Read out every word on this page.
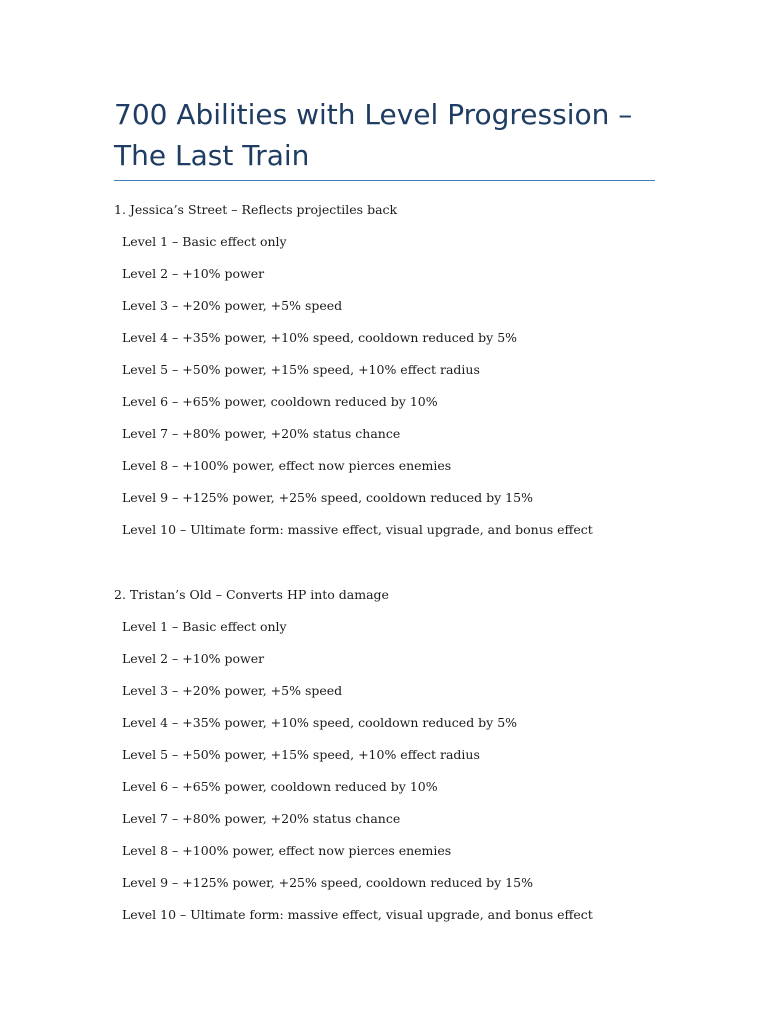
700 Abilities with Level Progression – The Last Train
1. Jessica’s Street – Reflects projectiles back
Level 1 – Basic effect only
Level 2 – +10% power
Level 3 – +20% power, +5% speed
Level 4 – +35% power, +10% speed, cooldown reduced by 5%
Level 5 – +50% power, +15% speed, +10% effect radius
Level 6 – +65% power, cooldown reduced by 10%
Level 7 – +80% power, +20% status chance
Level 8 – +100% power, effect now pierces enemies
Level 9 – +125% power, +25% speed, cooldown reduced by 15%
Level 10 – Ultimate form: massive effect, visual upgrade, and bonus effect
2. Tristan’s Old – Converts HP into damage
Level 1 – Basic effect only
Level 2 – +10% power
Level 3 – +20% power, +5% speed
Level 4 – +35% power, +10% speed, cooldown reduced by 5%
Level 5 – +50% power, +15% speed, +10% effect radius
Level 6 – +65% power, cooldown reduced by 10%
Level 7 – +80% power, +20% status chance
Level 8 – +100% power, effect now pierces enemies
Level 9 – +125% power, +25% speed, cooldown reduced by 15%
Level 10 – Ultimate form: massive effect, visual upgrade, and bonus effect
